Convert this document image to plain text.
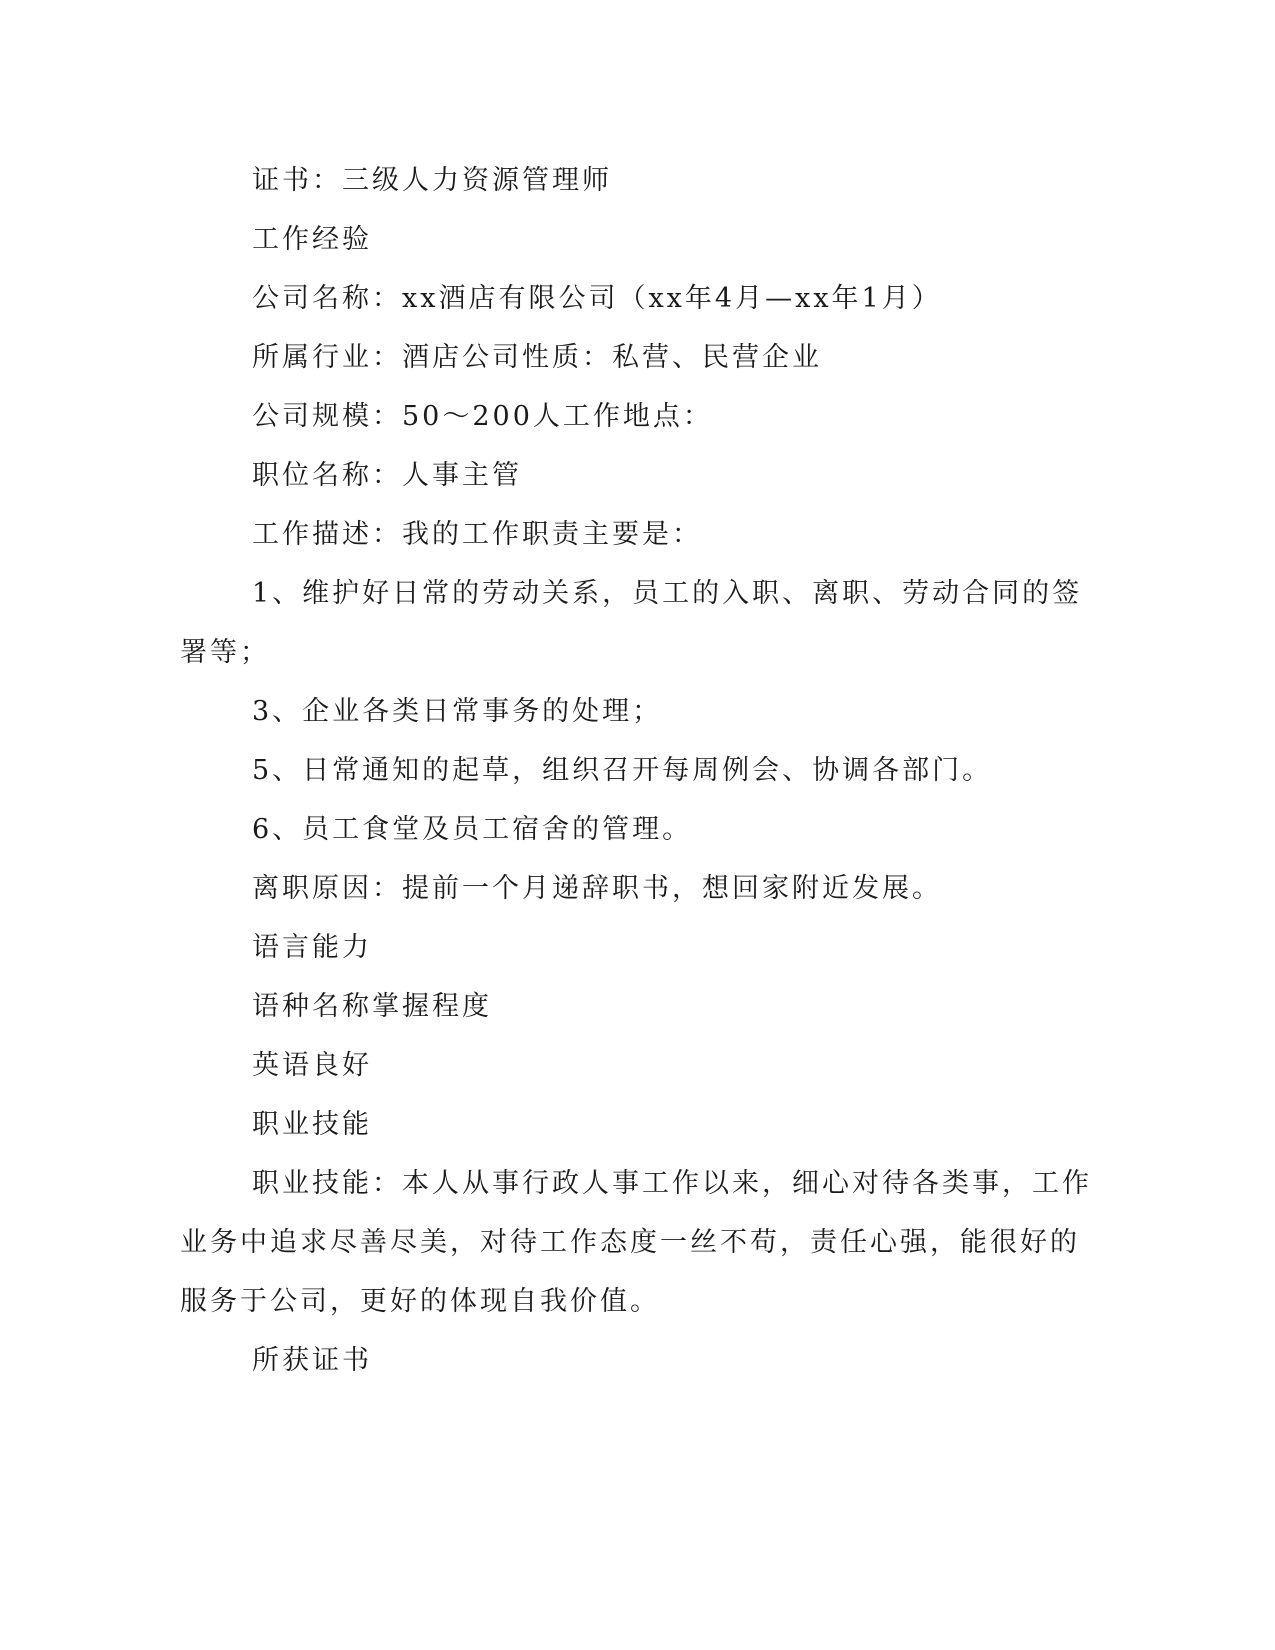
证书：三级人力资源管理师
工作经验
公司名称：xx酒店有限公司（xx年4月—xx年1月）
所属行业：酒店公司性质：私营、民营企业
公司规模：50～200人工作地点：
职位名称：人事主管
工作描述：我的工作职责主要是：
1、维护好日常的劳动关系，员工的入职、离职、劳动合同的签
署等；
3、企业各类日常事务的处理；
5、日常通知的起草，组织召开每周例会、协调各部门。
6、员工食堂及员工宿舍的管理。
离职原因：提前一个月递辞职书，想回家附近发展。
语言能力
语种名称掌握程度
英语良好
职业技能
职业技能：本人从事行政人事工作以来，细心对待各类事，工作
业务中追求尽善尽美，对待工作态度一丝不苟，责任心强，能很好的
服务于公司，更好的体现自我价值。
所获证书
